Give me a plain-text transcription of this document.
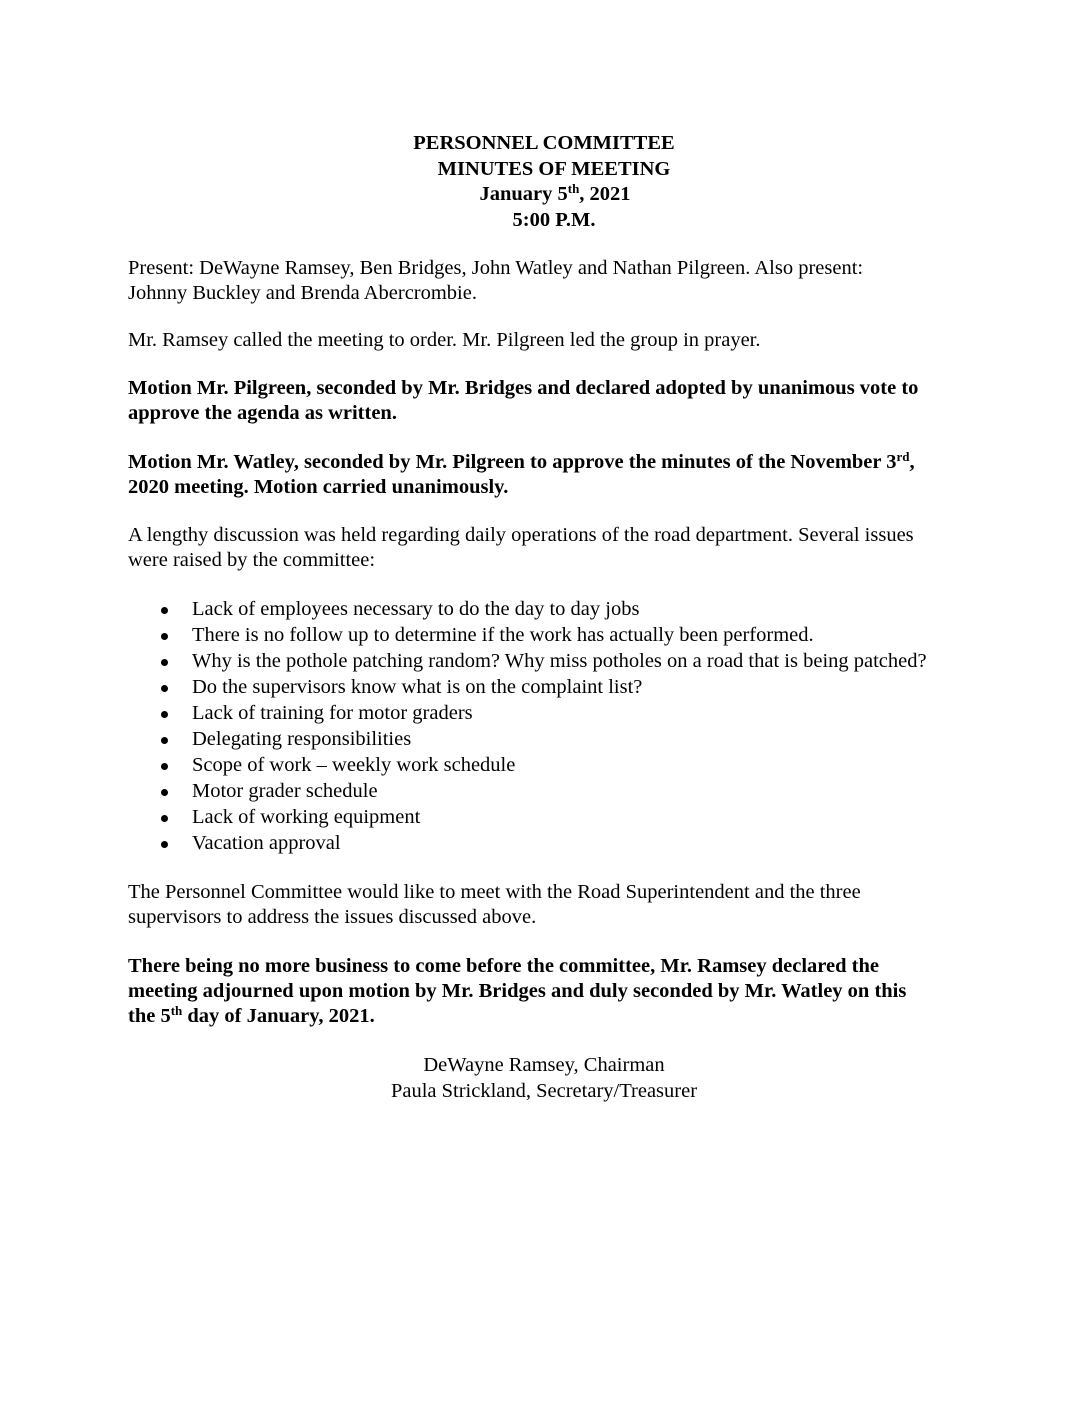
PERSONNEL COMMITTEE
MINUTES OF MEETING
January 5th, 2021
5:00 P.M.
Present: DeWayne Ramsey, Ben Bridges, John Watley and Nathan Pilgreen. Also present:
Johnny Buckley and Brenda Abercrombie.
Mr. Ramsey called the meeting to order. Mr. Pilgreen led the group in prayer.
Motion Mr. Pilgreen, seconded by Mr. Bridges and declared adopted by unanimous vote to
approve the agenda as written.
Motion Mr. Watley, seconded by Mr. Pilgreen to approve the minutes of the November 3rd,
2020 meeting. Motion carried unanimously.
A lengthy discussion was held regarding daily operations of the road department. Several issues
were raised by the committee:
Lack of employees necessary to do the day to day jobs
There is no follow up to determine if the work has actually been performed.
Why is the pothole patching random? Why miss potholes on a road that is being patched?
Do the supervisors know what is on the complaint list?
Lack of training for motor graders
Delegating responsibilities
Scope of work – weekly work schedule
Motor grader schedule
Lack of working equipment
Vacation approval
The Personnel Committee would like to meet with the Road Superintendent and the three
supervisors to address the issues discussed above.
There being no more business to come before the committee, Mr. Ramsey declared the
meeting adjourned upon motion by Mr. Bridges and duly seconded by Mr. Watley on this
the 5th day of January, 2021.
DeWayne Ramsey, Chairman
Paula Strickland, Secretary/Treasurer
